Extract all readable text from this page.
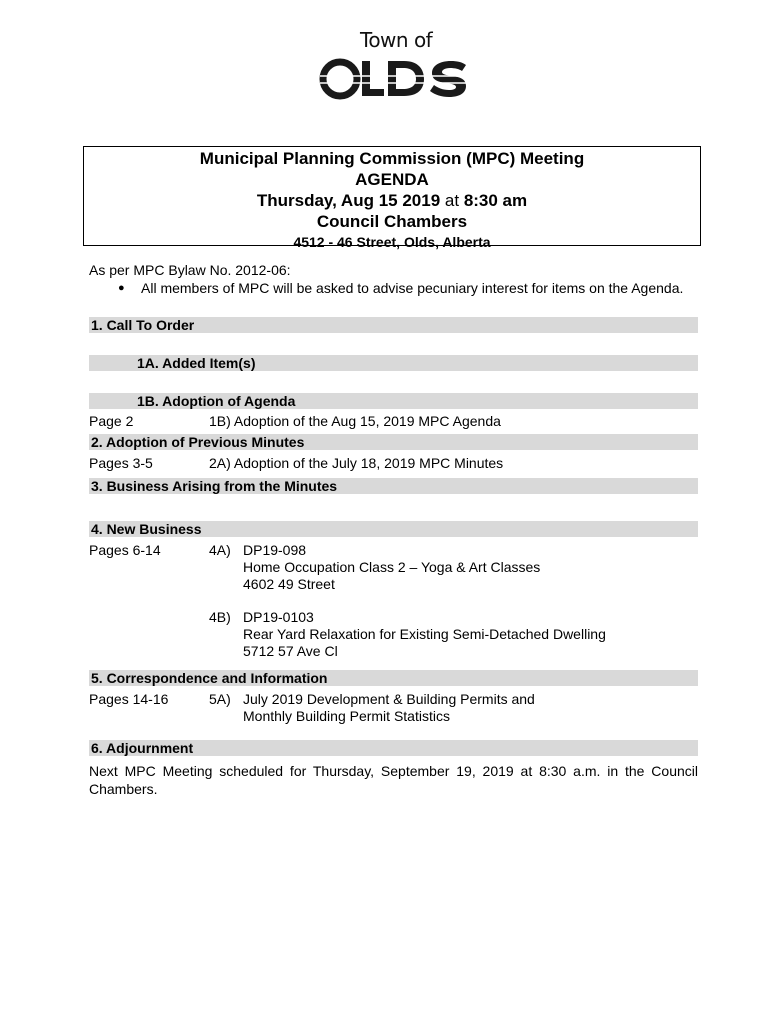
Town of
Municipal Planning Commission (MPC) Meeting
AGENDA
Thursday, Aug 15 2019 at 8:30 am
Council Chambers
4512 - 46 Street, Olds, Alberta
As per MPC Bylaw No. 2012-06:
● All members of MPC will be asked to advise pecuniary interest for items on the Agenda.
1. Call To Order
1A. Added Item(s)
1B. Adoption of Agenda
Page 2	1B) Adoption of the Aug 15, 2019 MPC Agenda
2. Adoption of Previous Minutes
Pages 3-5	2A) Adoption of the July 18, 2019 MPC Minutes
3. Business Arising from the Minutes
4. New Business
Pages 6-14	4A) DP19-098
Home Occupation Class 2 – Yoga & Art Classes
4602 49 Street
4B) DP19-0103
Rear Yard Relaxation for Existing Semi-Detached Dwelling
5712 57 Ave Cl
5. Correspondence and Information
Pages 14-16	5A) July 2019 Development & Building Permits and
Monthly Building Permit Statistics
6. Adjournment
Next MPC Meeting scheduled for Thursday, September 19, 2019 at 8:30 a.m. in the Council Chambers.
